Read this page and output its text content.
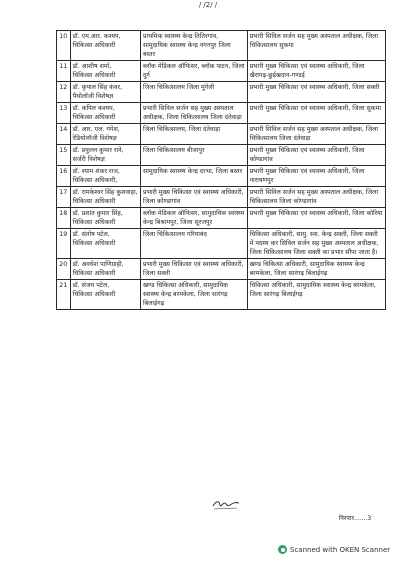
/ /2/ /
10	डॉ. एम.आर. कश्यप,
चिकित्सा अधिकारी	प्राथमिक स्वास्थ्य केन्द्र तितिरगांव, सामुदायिक स्वास्थ्य केन्द्र नगनपुर जिला बस्तर	प्रभारी सिविल सर्जन सह मुख्य अस्पताल अधीक्षक, जिला चिकित्सालय सुकमा
11	डॉ. आशीष शर्मा,
चिकित्सा अधिकारी	ब्लॉक मेडिकल ऑफिसर, ब्लॉक पाटन, जिला दुर्ग	प्रभारी मुख्य चिकित्सा एवं स्वास्थ्य अधिकारी, जिला खैरागढ़-छुईखदान-गण्डई
12	डॉ. कृपाल सिंह कंवर,
पैथोलॉजी विशेषज्ञ	जिला चिकित्सालय जिला मुंगेली	प्रभारी मुख्य चिकित्सा एवं स्वास्थ्य अधिकारी, जिला सक्ती
13	डॉ. कपिल कश्यप,
चिकित्सा अधिकारी	प्रभारी सिविल सर्जन सह मुख्य अस्पताल अधीक्षक, जिला चिकित्सालय जिला दंतेवाड़ा	प्रभारी मुख्य चिकित्सा एवं स्वास्थ्य अधिकारी, जिला सुकमा
14	डॉ. आर. एल. गंगेश,
रेडियोलॉजी विशेषज्ञ	जिला चिकित्सालय, जिला दंतेवाड़ा	प्रभारी सिविल सर्जन सह मुख्य अस्पताल अधीक्षक, जिला चिकित्सालय जिला दंतेवाड़ा
15	डॉ. प्रफुल्ल कुमार राने,
सर्जरी विशेषज्ञ	जिला चिकित्सालय बीजापुर	प्रभारी मुख्य चिकित्सा एवं स्वास्थ्य अधिकारी, जिला कोण्डागांव
16	डॉ. श्याम शंकर राज,
चिकित्सा अधिकारी,	सामुदायिक स्वास्थ्य केन्द्र दरभा, जिला बस्तर	प्रभारी मुख्य चिकित्सा एवं स्वास्थ्य अधिकारी, जिला नारायणपुर
17	डॉ. रामकेश्वर सिंह कुशवाहा,
चिकित्सा अधिकारी	प्रभारी मुख्य चिकित्सा एवं स्वास्थ्य अधिकारी, जिला कोण्डागांव	प्रभारी सिविल सर्जन सह मुख्य अस्पताल अधीक्षक, जिला चिकित्सालय जिला कोण्डागांव
18	डॉ. प्रशांत कुमार सिंह,
चिकित्सा अधिकारी	ब्लॉक मेडिकल ऑफिसर, सामुदायिक स्वास्थ्य केन्द्र बिश्रामपुर, जिला सूरजपुर	प्रभारी मुख्य चिकित्सा एवं स्वास्थ्य अधिकारी, जिला कोरिया
19	डॉ. संतोष पटेल,
चिकित्सा अधिकारी	जिला चिकित्सालय गरियाबंद	चिकित्सा अधिकारी, सामु. स्वा. केन्द्र सक्ती, जिला सक्ती में पदस्थ कर सिविल सर्जन सह मुख्य अस्पताल अधीक्षक, जिला चिकित्सालय जिला सक्ती का प्रभार सौंपा जाता है।
20	डॉ. अवधेश पाणिग्राही,
चिकित्सा अधिकारी	प्रभारी मुख्य चिकित्सा एवं स्वास्थ्य अधिकारी, जिला सक्ती	खण्ड चिकित्सा अधिकारी, सामुदायिक स्वास्थ्य केन्द्र बरमकेला, जिला सारंगढ़ बिलाईगढ़
21	डॉ. संजय पटेल,
चिकित्सा अधिकारी	खण्ड चिकित्सा अधिकारी, सामुदायिक स्वास्थ्य केन्द्र बरमकेला, जिला सारंगढ़ बिलाईगढ़	चिकित्सा अधिकारी, सामुदायिक स्वास्थ्य केन्द्र बरमकेला, जिला सारंगढ़ बिलाईगढ़
निरन्तर.......3
Scanned with OKEN Scanner
